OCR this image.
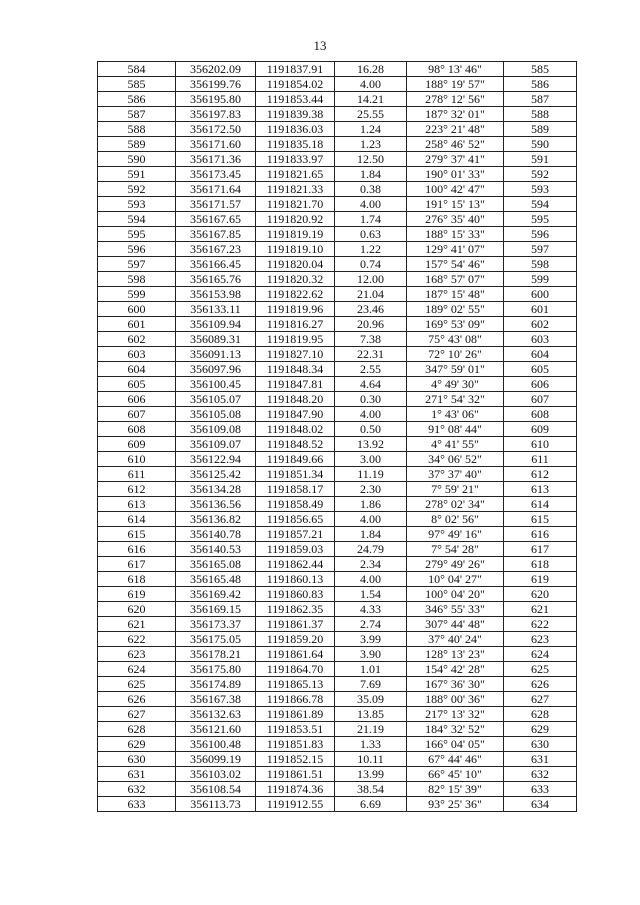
13
584	356202.09	1191837.91	16.28	98° 13' 46"	585
585	356199.76	1191854.02	4.00	188° 19' 57"	586
586	356195.80	1191853.44	14.21	278° 12' 56"	587
587	356197.83	1191839.38	25.55	187° 32' 01"	588
588	356172.50	1191836.03	1.24	223° 21' 48"	589
589	356171.60	1191835.18	1.23	258° 46' 52"	590
590	356171.36	1191833.97	12.50	279° 37' 41"	591
591	356173.45	1191821.65	1.84	190° 01' 33"	592
592	356171.64	1191821.33	0.38	100° 42' 47"	593
593	356171.57	1191821.70	4.00	191° 15' 13"	594
594	356167.65	1191820.92	1.74	276° 35' 40"	595
595	356167.85	1191819.19	0.63	188° 15' 33"	596
596	356167.23	1191819.10	1.22	129° 41' 07"	597
597	356166.45	1191820.04	0.74	157° 54' 46"	598
598	356165.76	1191820.32	12.00	168° 57' 07"	599
599	356153.98	1191822.62	21.04	187° 15' 48"	600
600	356133.11	1191819.96	23.46	189° 02' 55"	601
601	356109.94	1191816.27	20.96	169° 53' 09"	602
602	356089.31	1191819.95	7.38	75° 43' 08"	603
603	356091.13	1191827.10	22.31	72° 10' 26"	604
604	356097.96	1191848.34	2.55	347° 59' 01"	605
605	356100.45	1191847.81	4.64	4° 49' 30"	606
606	356105.07	1191848.20	0.30	271° 54' 32"	607
607	356105.08	1191847.90	4.00	1° 43' 06"	608
608	356109.08	1191848.02	0.50	91° 08' 44"	609
609	356109.07	1191848.52	13.92	4° 41' 55"	610
610	356122.94	1191849.66	3.00	34° 06' 52"	611
611	356125.42	1191851.34	11.19	37° 37' 40"	612
612	356134.28	1191858.17	2.30	7° 59' 21"	613
613	356136.56	1191858.49	1.86	278° 02' 34"	614
614	356136.82	1191856.65	4.00	8° 02' 56"	615
615	356140.78	1191857.21	1.84	97° 49' 16"	616
616	356140.53	1191859.03	24.79	7° 54' 28"	617
617	356165.08	1191862.44	2.34	279° 49' 26"	618
618	356165.48	1191860.13	4.00	10° 04' 27"	619
619	356169.42	1191860.83	1.54	100° 04' 20"	620
620	356169.15	1191862.35	4.33	346° 55' 33"	621
621	356173.37	1191861.37	2.74	307° 44' 48"	622
622	356175.05	1191859.20	3.99	37° 40' 24"	623
623	356178.21	1191861.64	3.90	128° 13' 23"	624
624	356175.80	1191864.70	1.01	154° 42' 28"	625
625	356174.89	1191865.13	7.69	167° 36' 30"	626
626	356167.38	1191866.78	35.09	188° 00' 36"	627
627	356132.63	1191861.89	13.85	217° 13' 32"	628
628	356121.60	1191853.51	21.19	184° 32' 52"	629
629	356100.48	1191851.83	1.33	166° 04' 05"	630
630	356099.19	1191852.15	10.11	67° 44' 46"	631
631	356103.02	1191861.51	13.99	66° 45' 10"	632
632	356108.54	1191874.36	38.54	82° 15' 39"	633
633	356113.73	1191912.55	6.69	93° 25' 36"	634
